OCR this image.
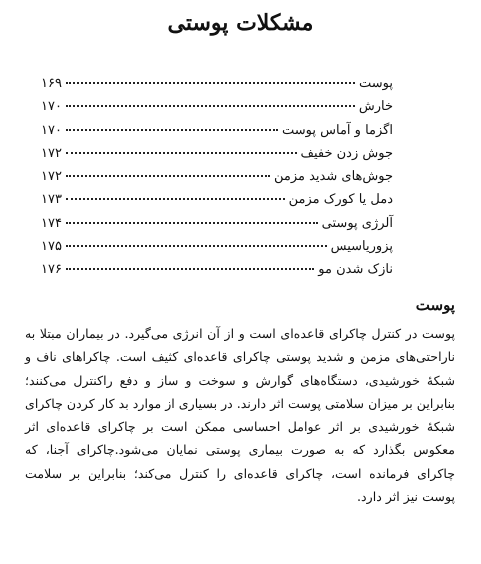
مشکلات پوستی
پوست
۱۶۹
خارش
۱۷۰
اگزما و آماس پوست
۱۷۰
جوش زدن خفیف
۱۷۲
جوش‌های شدید مزمن
۱۷۲
دمل یا کورک مزمن
۱۷۳
آلرژی پوستی
۱۷۴
پزوریاسیس
۱۷۵
نازک شدن مو
۱۷۶
پوست

پوست در کنترل چاکرای قاعده‌ای است و از آن انرژی می‌گیرد. در بیماران مبتلا به ناراحتی‌های مزمن و شدید پوستی چاکرای قاعده‌ای کثیف است. چاکراهای ناف و شبکهٔ خورشیدی، دستگاه‌های گوارش و سوخت و ساز و دفع راکنترل می‌کنند؛ بنابراین بر میزان سلامتی پوست اثر دارند. در بسیاری از موارد بد کار کردن چاکرای شبکهٔ خورشیدی بر اثر عوامل احساسی ممکن است بر چاکرای قاعده‌ای اثر معکوس بگذارد که به صورت بیماری پوستی نمایان می‌شود.چاکرای آجنا، که چاکرای فرمانده است، چاکرای قاعده‌ای را کنترل می‌کند؛ بنابراین بر سلامت پوست نیز اثر دارد.
